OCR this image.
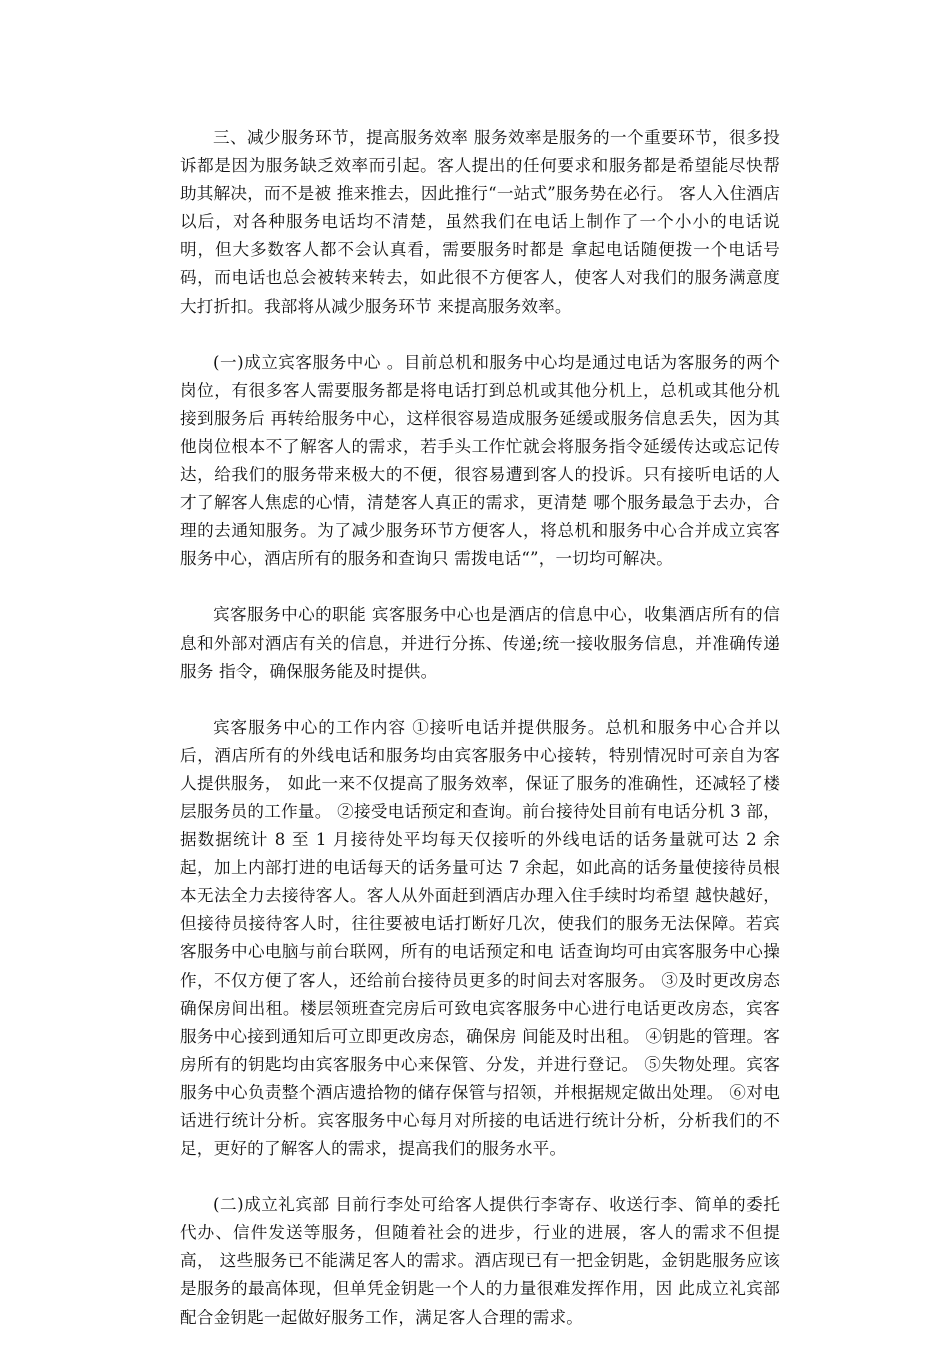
三、减少服务环节，提高服务效率 服务效率是服务的一个重要环节，很多投诉都是因为服务缺乏效率而引起。客人提出的任何要求和服务都是希望能尽快帮助其解决，而不是被 推来推去，因此推行“一站式”服务势在必行。 客人入住酒店以后，对各种服务电话均不清楚，虽然我们在电话上制作了一个小小的电话说明，但大多数客人都不会认真看，需要服务时都是 拿起电话随便拨一个电话号码，而电话也总会被转来转去，如此很不方便客人，使客人对我们的服务满意度大打折扣。我部将从减少服务环节 来提高服务效率。

(一)成立宾客服务中心 。目前总机和服务中心均是通过电话为客服务的两个岗位，有很多客人需要服务都是将电话打到总机或其他分机上，总机或其他分机接到服务后 再转给服务中心，这样很容易造成服务延缓或服务信息丢失，因为其他岗位根本不了解客人的需求，若手头工作忙就会将服务指令延缓传达或忘记传达，给我们的服务带来极大的不便，很容易遭到客人的投诉。只有接听电话的人才了解客人焦虑的心情，清楚客人真正的需求，更清楚 哪个服务最急于去办，合理的去通知服务。为了减少服务环节方便客人，将总机和服务中心合并成立宾客服务中心，酒店所有的服务和查询只 需拨电话“”，一切均可解决。

宾客服务中心的职能 宾客服务中心也是酒店的信息中心，收集酒店所有的信息和外部对酒店有关的信息，并进行分拣、传递;统一接收服务信息，并准确传递服务 指令，确保服务能及时提供。

宾客服务中心的工作内容 ①接听电话并提供服务。总机和服务中心合并以后，酒店所有的外线电话和服务均由宾客服务中心接转，特别情况时可亲自为客人提供服务， 如此一来不仅提高了服务效率，保证了服务的准确性，还减轻了楼层服务员的工作量。 ②接受电话预定和查询。前台接待处目前有电话分机 3 部，据数据统计 8 至 1 月接待处平均每天仅接听的外线电话的话务量就可达 2 余起，加上内部打进的电话每天的话务量可达 7 余起，如此高的话务量使接待员根本无法全力去接待客人。客人从外面赶到酒店办理入住手续时均希望 越快越好，但接待员接待客人时，往往要被电话打断好几次，使我们的服务无法保障。若宾客服务中心电脑与前台联网，所有的电话预定和电 话查询均可由宾客服务中心操作，不仅方便了客人，还给前台接待员更多的时间去对客服务。 ③及时更改房态确保房间出租。楼层领班查完房后可致电宾客服务中心进行电话更改房态，宾客服务中心接到通知后可立即更改房态，确保房 间能及时出租。 ④钥匙的管理。客房所有的钥匙均由宾客服务中心来保管、分发，并进行登记。 ⑤失物处理。宾客服务中心负责整个酒店遗拾物的储存保管与招领，并根据规定做出处理。 ⑥对电话进行统计分析。宾客服务中心每月对所接的电话进行统计分析，分析我们的不足，更好的了解客人的需求，提高我们的服务水平。

(二)成立礼宾部 目前行李处可给客人提供行李寄存、收送行李、简单的委托代办、信件发送等服务，但随着社会的进步，行业的进展，客人的需求不但提高， 这些服务已不能满足客人的需求。酒店现已有一把金钥匙，金钥匙服务应该是服务的最高体现，但单凭金钥匙一个人的力量很难发挥作用，因 此成立礼宾部配合金钥匙一起做好服务工作，满足客人合理的需求。
